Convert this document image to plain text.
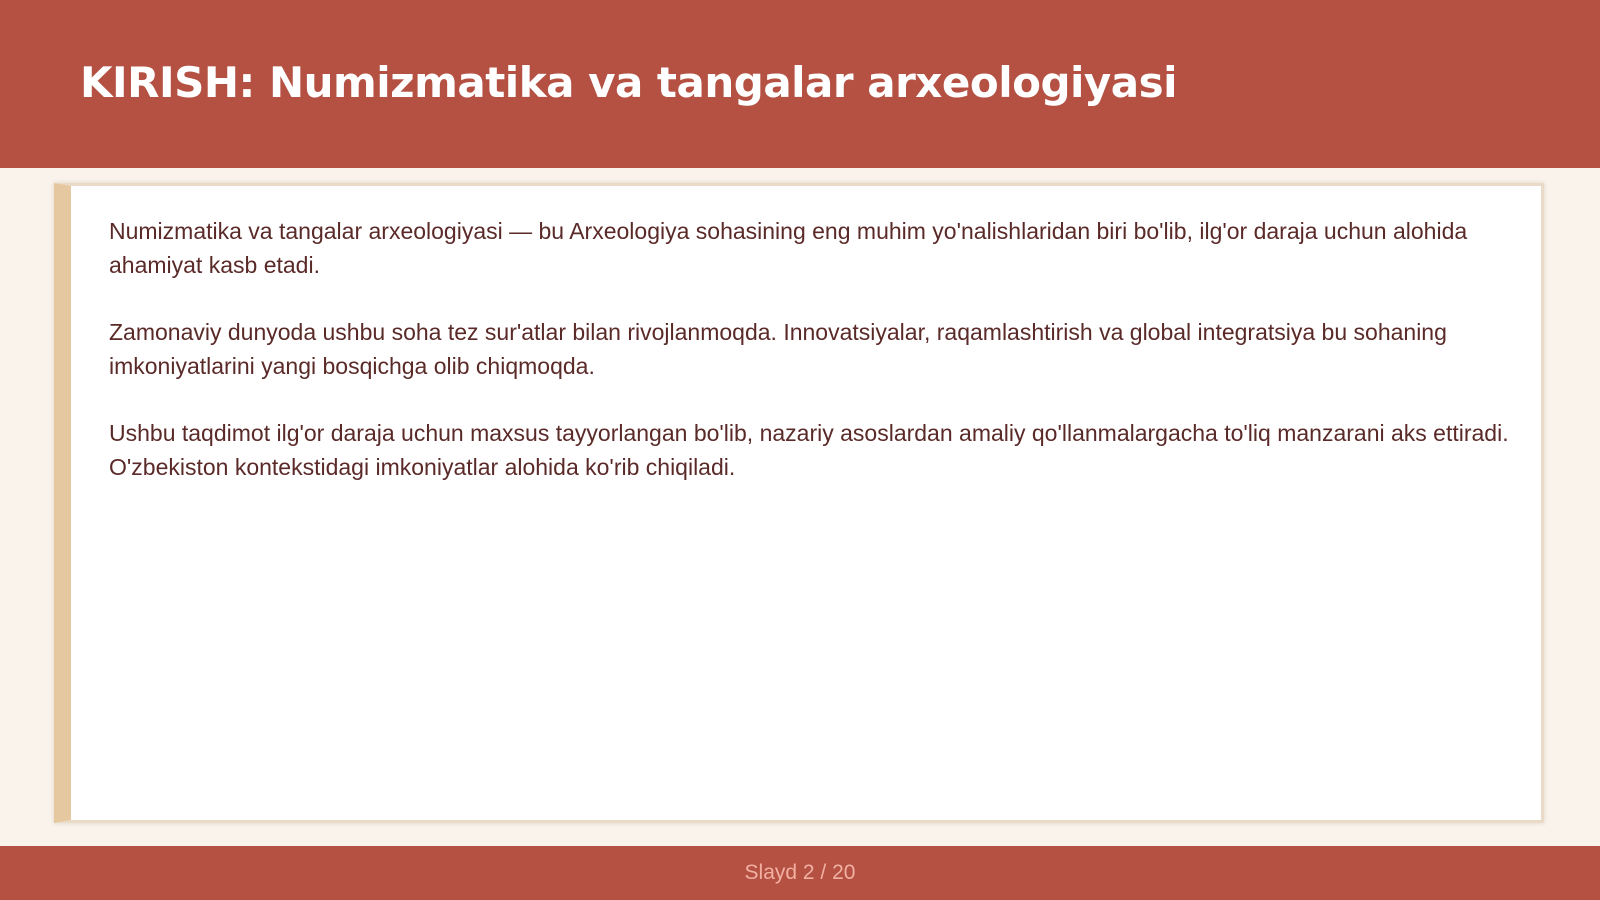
KIRISH: Numizmatika va tangalar arxeologiyasi

Numizmatika va tangalar arxeologiyasi — bu Arxeologiya sohasining eng muhim yo'nalishlaridan biri bo'lib, ilg'or daraja uchun alohida ahamiyat kasb etadi.

Zamonaviy dunyoda ushbu soha tez sur'atlar bilan rivojlanmoqda. Innovatsiyalar, raqamlashtirish va global integratsiya bu sohaning imkoniyatlarini yangi bosqichga olib chiqmoqda.

Ushbu taqdimot ilg'or daraja uchun maxsus tayyorlangan bo'lib, nazariy asoslardan amaliy qo'llanmalargacha to'liq manzarani aks ettiradi. O'zbekiston kontekstidagi imkoniyatlar alohida ko'rib chiqiladi.

Slayd 2 / 20
